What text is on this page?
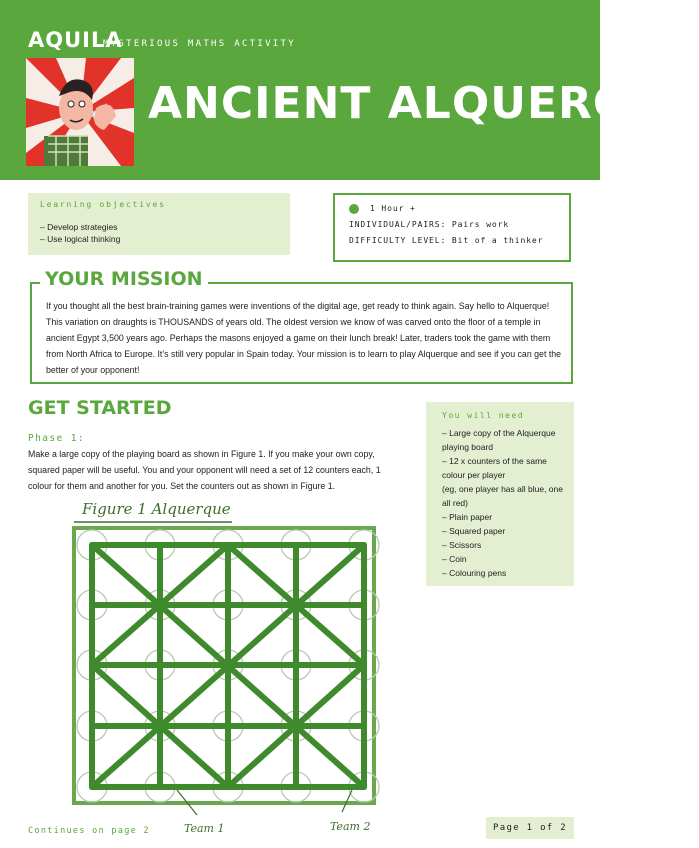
AQUILA
MYSTERIOUS MATHS ACTIVITY
ANCIENT ALQUERQUE
Learning objectives
– Develop strategies
– Use logical thinking
1 Hour +
INDIVIDUAL/PAIRS: Pairs work
DIFFICULTY LEVEL: Bit of a thinker

If you thought all the best brain-training games were inventions of the digital age, get ready to think again. Say hello to Alquerque! This variation on draughts is THOUSANDS of years old. The oldest version we know of was carved onto the floor of a temple in ancient Egypt 3,500 years ago. Perhaps the masons enjoyed a game on their lunch break! Later, traders took the game with them from North Africa to Europe. It’s still very popular in Spain today. Your mission is to learn to play Alquerque and see if you can get the better of your opponent!

YOUR MISSION
GET STARTED
Phase 1:

Make a large copy of the playing board as shown in Figure 1. If you make your own copy, squared paper will be useful. You and your opponent will need a set of 12 counters each, 1 colour for them and another for you. Set the counters out as shown in Figure 1.

You will need
– Large copy of the Alquerque playing board
– 12 x counters of the same colour per player
(eg, one player has all blue, one all red)
– Plain paper
– Squared paper
– Scissors
– Coin
– Colouring pens
Figure 1 Alquerque
Team 1	Team 2
Continues on page 2	Page 1 of 2
